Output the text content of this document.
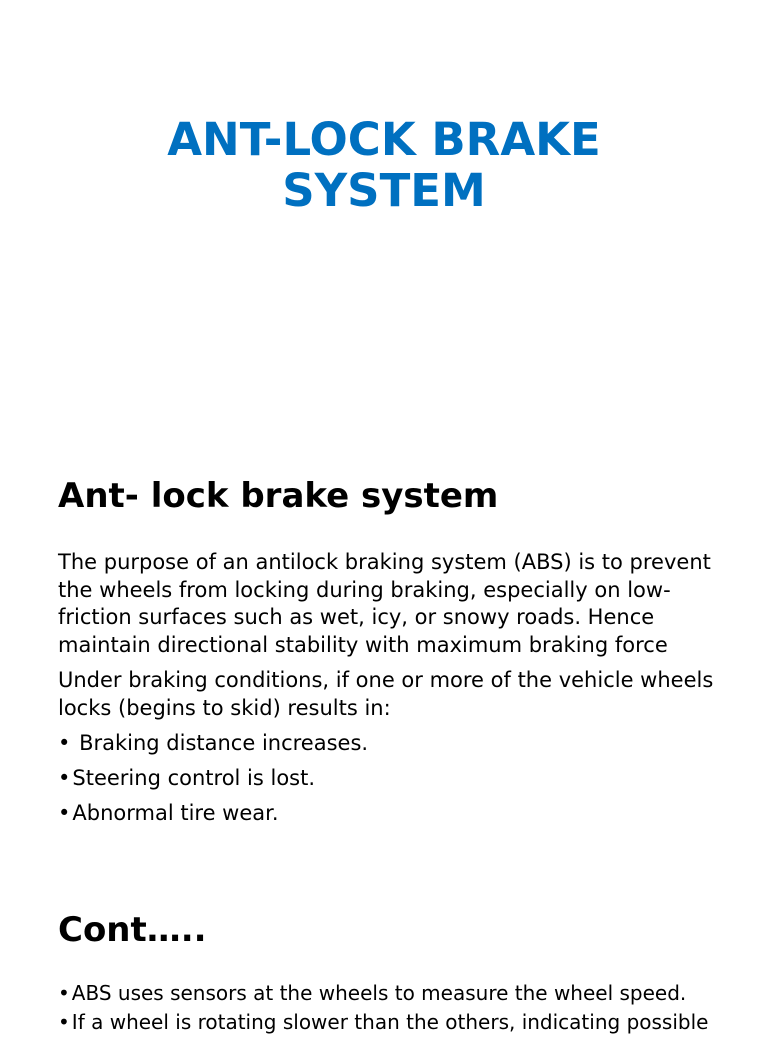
ANT-LOCK BRAKE
SYSTEM
Ant- lock brake system

The purpose of an antilock braking system (ABS) is to prevent the wheels from locking during braking, especially on low-friction surfaces such as wet, icy, or snowy roads. Hence maintain directional stability with maximum braking force

Under braking conditions, if one or more of the vehicle wheels locks (begins to skid) results in:

• Braking distance increases.
•Steering control is lost.
•Abnormal tire wear.
Cont…..
• ABS uses sensors at the wheels to measure the wheel speed.
• If a wheel is rotating slower than the others, indicating possible
